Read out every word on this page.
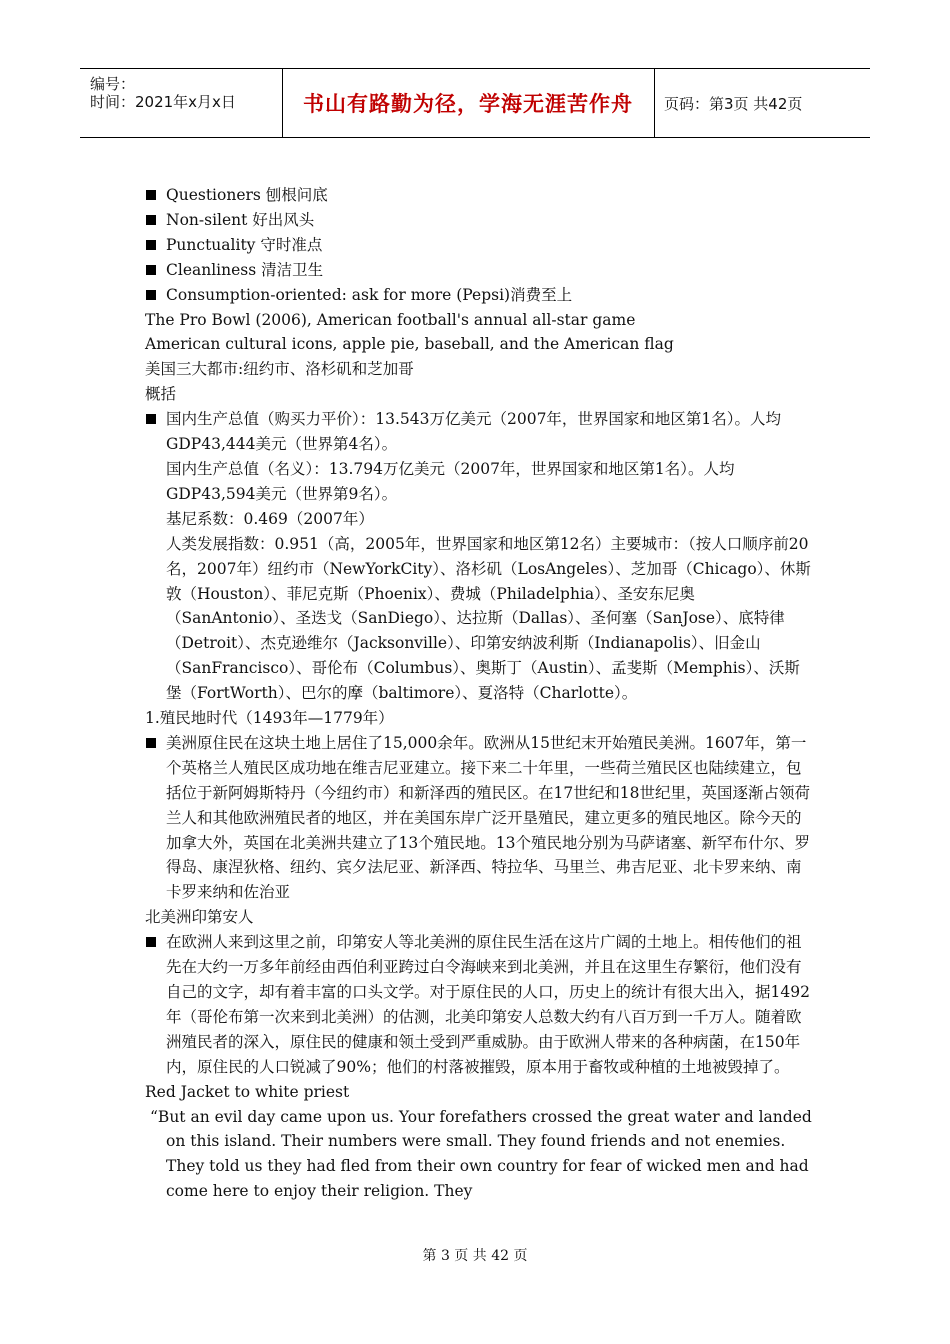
编号：
时间：2021年x月x日	书山有路勤为径，学海无涯苦作舟 页码：第3页 共42页

Questioners 刨根问底

Non-silent 好出风头

Punctuality 守时准点

Cleanliness 清洁卫生

Consumption-oriented: ask for more (Pepsi)消费至上

The Pro Bowl (2006), American football's annual all-star game

American cultural icons, apple pie, baseball, and the American flag

美国三大都市:纽约市、洛杉矶和芝加哥

概括

国内生产总值（购买力平价）：13.543万亿美元（2007年，世界国家和地区第1名）。人均GDP43,444美元（世界第4名）。

国内生产总值（名义）：13.794万亿美元（2007年，世界国家和地区第1名）。人均GDP43,594美元（世界第9名）。

基尼系数：0.469（2007年）

人类发展指数：0.951（高，2005年，世界国家和地区第12名）主要城市：（按人口顺序前20名，2007年）纽约市（NewYorkCity）、洛杉矶（LosAngeles）、芝加哥（Chicago）、休斯敦（Houston）、菲尼克斯（Phoenix）、费城（Philadelphia）、圣安东尼奥（SanAntonio）、圣迭戈（SanDiego）、达拉斯（Dallas）、圣何塞（SanJose）、底特律（Detroit）、杰克逊维尔（Jacksonville）、印第安纳波利斯（Indianapolis）、旧金山（SanFrancisco）、哥伦布（Columbus）、奥斯丁（Austin）、孟斐斯（Memphis）、沃斯堡（FortWorth）、巴尔的摩（baltimore）、夏洛特（Charlotte）。

1.殖民地时代（1493年—1779年）

美洲原住民在这块土地上居住了15,000余年。欧洲从15世纪末开始殖民美洲。1607年，第一个英格兰人殖民区成功地在维吉尼亚建立。接下来二十年里，一些荷兰殖民区也陆续建立，包括位于新阿姆斯特丹（今纽约市）和新泽西的殖民区。在17世纪和18世纪里，英国逐渐占领荷兰人和其他欧洲殖民者的地区，并在美国东岸广泛开垦殖民，建立更多的殖民地区。除今天的加拿大外，英国在北美洲共建立了13个殖民地。13个殖民地分别为马萨诸塞、新罕布什尔、罗得岛、康涅狄格、纽约、宾夕法尼亚、新泽西、特拉华、马里兰、弗吉尼亚、北卡罗来纳、南卡罗来纳和佐治亚

北美洲印第安人

在欧洲人来到这里之前，印第安人等北美洲的原住民生活在这片广阔的土地上。相传他们的祖先在大约一万多年前经由西伯利亚跨过白令海峡来到北美洲，并且在这里生存繁衍，他们没有自己的文字，却有着丰富的口头文学。对于原住民的人口，历史上的统计有很大出入，据1492年（哥伦布第一次来到北美洲）的估测，北美印第安人总数大约有八百万到一千万人。随着欧洲殖民者的深入，原住民的健康和领土受到严重威胁。由于欧洲人带来的各种病菌，在150年内，原住民的人口锐减了90%；他们的村落被摧毁，原本用于畜牧或种植的土地被毁掉了。

Red Jacket to white priest

“But an evil day came upon us. Your forefathers crossed the great water and landed on this island. Their numbers were small. They found friends and not enemies. They told us they had fled from their own country for fear of wicked men and had come here to enjoy their religion. They

第 3 页 共 42 页
